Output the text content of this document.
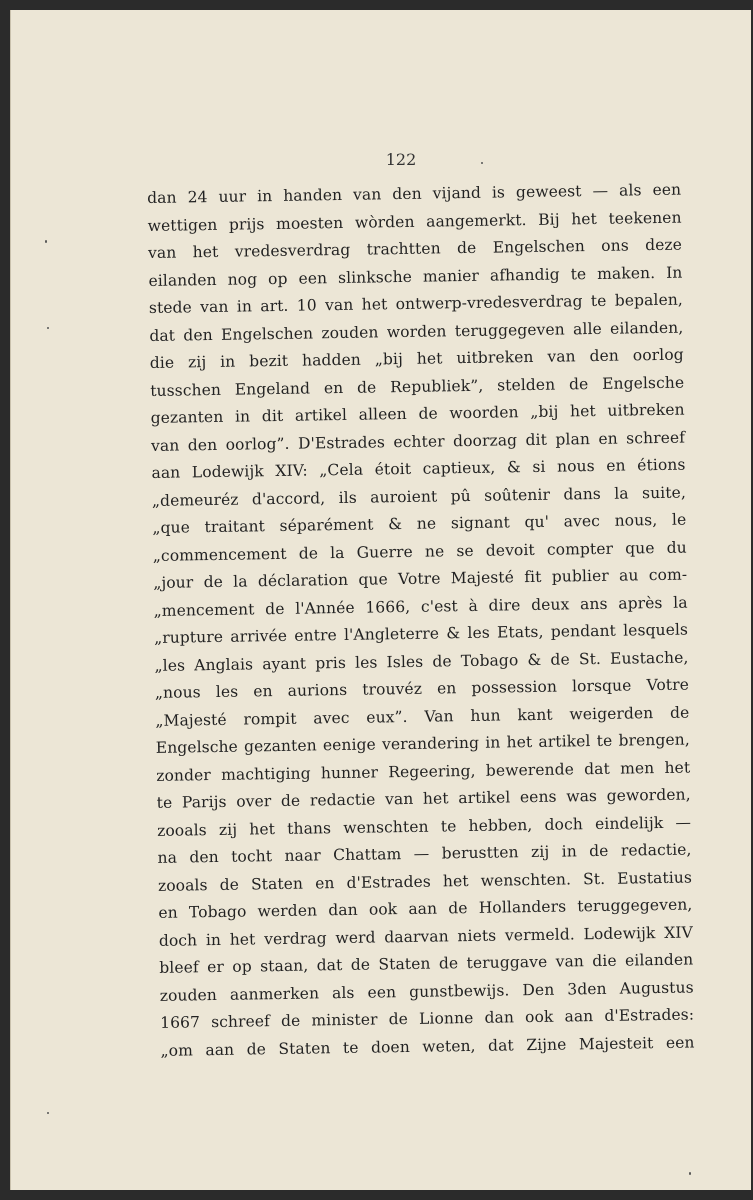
122
dan 24 uur in handen van den vijand is geweest — als een
wettigen prijs moesten wòrden aangemerkt. Bij het teekenen
van het vredesverdrag trachtten de Engelschen ons deze
eilanden nog op een slinksche manier afhandig te maken. In
stede van in art. 10 van het ontwerp-vredesverdrag te bepalen,
dat den Engelschen zouden worden teruggegeven alle eilanden,
die zij in bezit hadden „bij het uitbreken van den oorlog
tusschen Engeland en de Republiek”, stelden de Engelsche
gezanten in dit artikel alleen de woorden „bij het uitbreken
van den oorlog”. D'Estrades echter doorzag dit plan en schreef
aan Lodewijk XIV: „Cela étoit captieux, & si nous en étions
„demeuréz d'accord, ils auroient pû soûtenir dans la suite,
„que traitant séparément & ne signant qu' avec nous, le
„commencement de la Guerre ne se devoit compter que du
„jour de la déclaration que Votre Majesté fit publier au com-
„mencement de l'Année 1666, c'est à dire deux ans après la
„rupture arrivée entre l'Angleterre & les Etats, pendant lesquels
„les Anglais ayant pris les Isles de Tobago & de St. Eustache,
„nous les en aurions trouvéz en possession lorsque Votre
„Majesté rompit avec eux”. Van hun kant weigerden de
Engelsche gezanten eenige verandering in het artikel te brengen,
zonder machtiging hunner Regeering, bewerende dat men het
te Parijs over de redactie van het artikel eens was geworden,
zooals zij het thans wenschten te hebben, doch eindelijk —
na den tocht naar Chattam — berustten zij in de redactie,
zooals de Staten en d'Estrades het wenschten. St. Eustatius
en Tobago werden dan ook aan de Hollanders teruggegeven,
doch in het verdrag werd daarvan niets vermeld. Lodewijk XIV
bleef er op staan, dat de Staten de teruggave van die eilanden
zouden aanmerken als een gunstbewijs. Den 3den Augustus
1667 schreef de minister de Lionne dan ook aan d'Estrades:
„om aan de Staten te doen weten, dat Zijne Majesteit een
